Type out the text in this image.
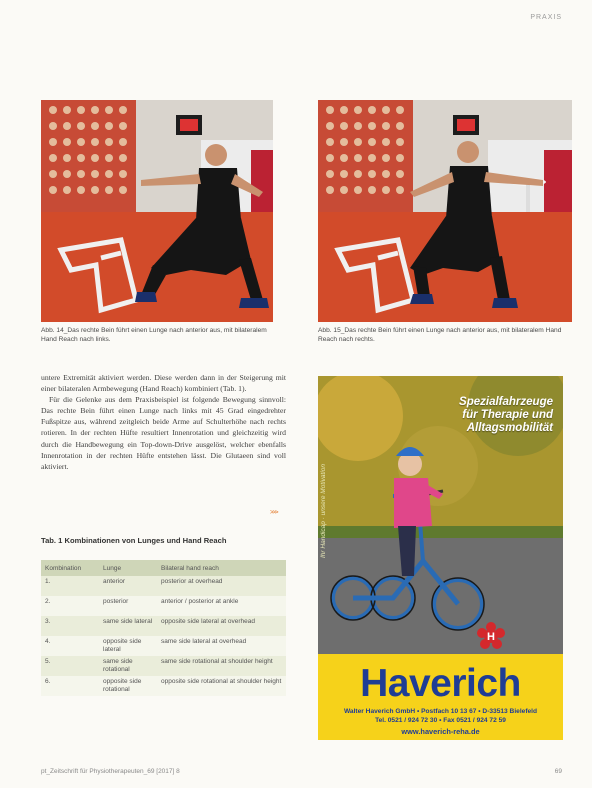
PRAXIS
Abb. 14_Das rechte Bein führt einen Lunge nach anterior aus, mit bilateralem Hand Reach nach links.
Abb. 15_Das rechte Bein führt einen Lunge nach anterior aus, mit bilateralem Hand Reach nach rechts.

untere Extremität aktiviert werden. Diese werden dann in der Steigerung mit einer bilateralen Armbewegung (Hand Reach) kombiniert (Tab. 1).

Für die Gelenke aus dem Praxisbeispiel ist folgende Bewegung sinnvoll: Das rechte Bein führt einen Lunge nach links mit 45 Grad eingedrehter Fußspitze aus, während zeitgleich beide Arme auf Schulterhöhe nach rechts rotieren. In der rechten Hüfte resultiert Innenrotation und gleichzeitig wird durch die Handbewegung ein Top-down-Drive ausgelöst, welcher ebenfalls Innenrotation in der rechten Hüfte entstehen lässt. Die Glutaeen sind voll aktiviert.

>>>
Tab. 1 Kombinationen von Lunges und Hand Reach
Kombination	Lunge	Bilateral hand reach
1.	anterior	posterior at overhead
2.	posterior	anterior / posterior at ankle
3.	same side lateral	opposite side lateral at overhead
4.	opposite side lateral	same side lateral at overhead
5.	same side rotational	same side rotational at shoulder height
6.	opposite side rotational	opposite side rotational at shoulder height
Spezialfahrzeuge
für Therapie und
Alltagsmobilität
Ihr Handicap · unsere Motivation
H
Haverich
Walter Haverich GmbH • Postfach 10 13 67 • D-33513 Bielefeld
Tel. 0521 / 924 72 30 • Fax 0521 / 924 72 59
www.haverich-reha.de
pt_Zeitschrift für Physiotherapeuten_69 [2017] 8	69
